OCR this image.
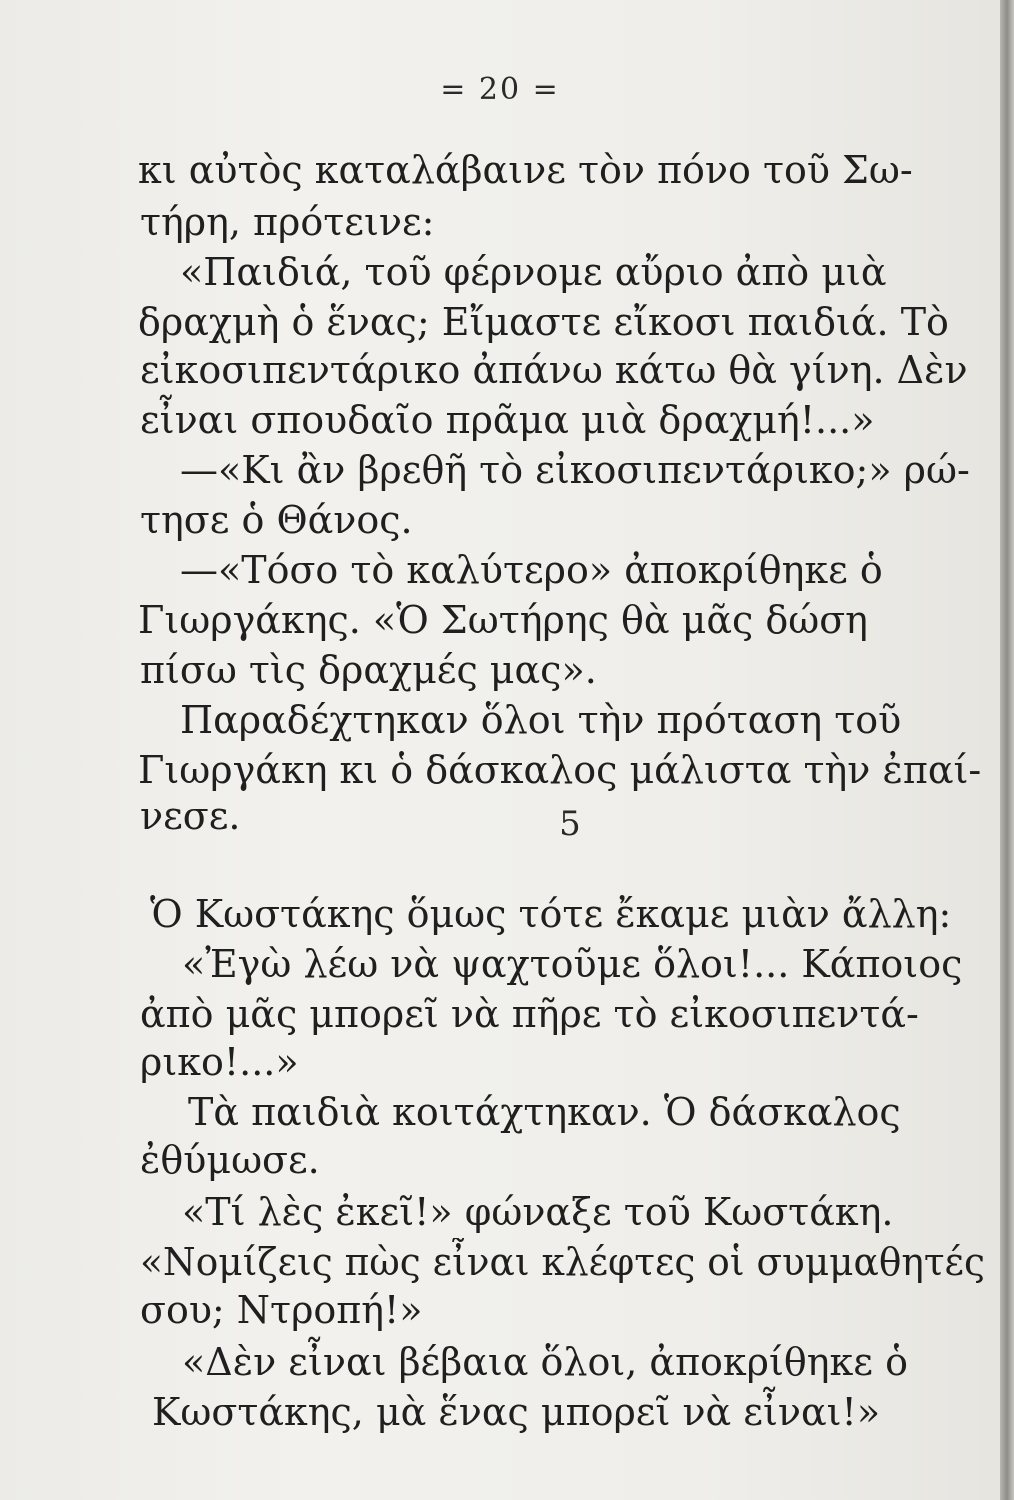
= 20 =
κι αὐτὸς καταλάβαινε τὸν πόνο τοῦ Σω-
τήρη, πρότεινε:
«Παιδιά, τοῦ φέρνομε αὔριο ἀπὸ μιὰ
δραχμὴ ὁ ἕνας; Εἴμαστε εἴκοσι παιδιά. Τὸ
εἰκοσιπεντάρικο ἀπάνω κάτω θὰ γίνη. Δὲν
εἶναι σπουδαῖο πρᾶμα μιὰ δραχμή!...»
—«Κι ἂν βρεθῆ τὸ εἰκοσιπεντάρικο;» ρώ-
τησε ὁ Θάνος.
—«Τόσο τὸ καλύτερο» ἀποκρίθηκε ὁ
Γιωργάκης. «Ὁ Σωτήρης θὰ μᾶς δώση
πίσω τὶς δραχμές μας».
Παραδέχτηκαν ὅλοι τὴν πρόταση τοῦ
Γιωργάκη κι ὁ δάσκαλος μάλιστα τὴν ἐπαί-
νεσε.	5
Ὁ Κωστάκης ὅμως τότε ἔκαμε μιὰν ἄλλη:
«Ἐγὼ λέω νὰ ψαχτοῦμε ὅλοι!... Κάποιος
ἀπὸ μᾶς μπορεῖ νὰ πῆρε τὸ εἰκοσιπεντά-
ρικο!...»
Τὰ παιδιὰ κοιτάχτηκαν. Ὁ δάσκαλος
ἐθύμωσε.
«Τί λὲς ἐκεῖ!» φώναξε τοῦ Κωστάκη.
«Νομίζεις πὼς εἶναι κλέφτες οἱ συμμαθητές
σου; Ντροπή!»
«Δὲν εἶναι βέβαια ὅλοι, ἀποκρίθηκε ὁ
Κωστάκης, μὰ ἕνας μπορεῖ νὰ εἶναι!»
